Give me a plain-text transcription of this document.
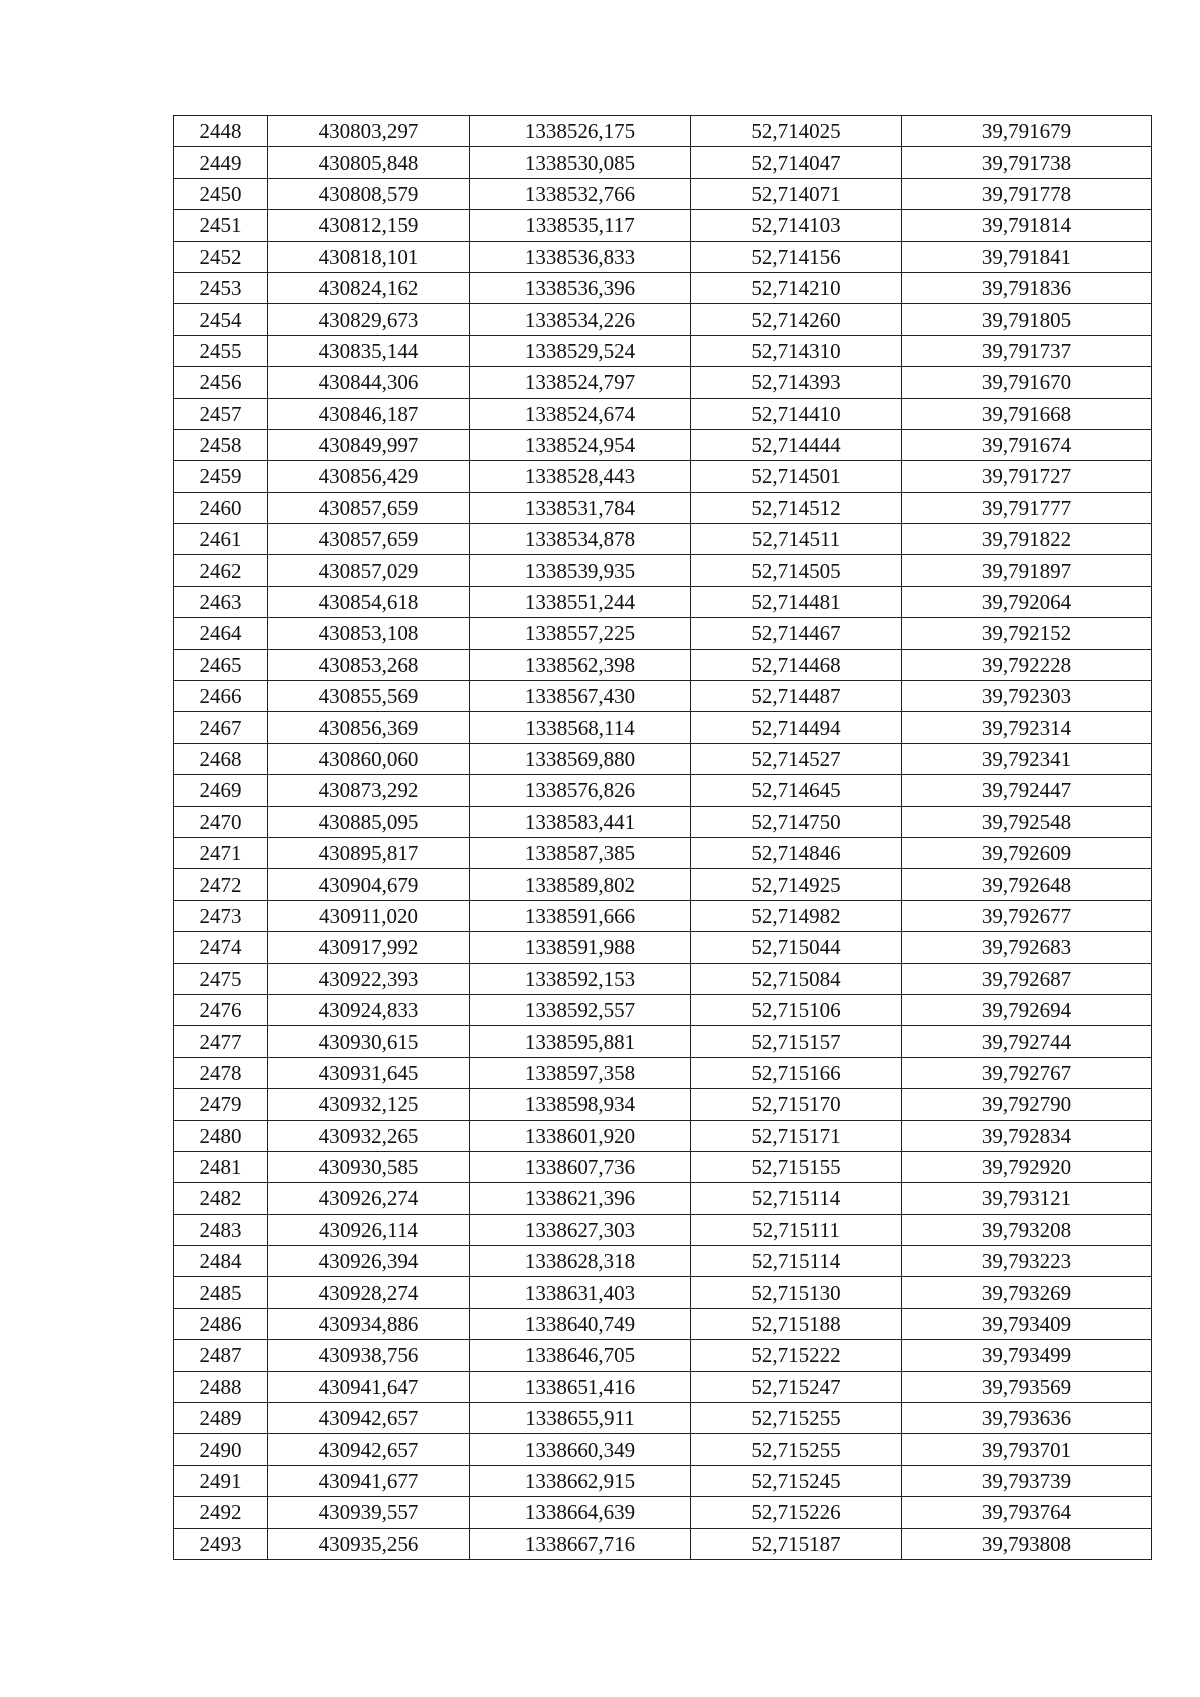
2448	430803,297	1338526,175	52,714025	39,791679
2449	430805,848	1338530,085	52,714047	39,791738
2450	430808,579	1338532,766	52,714071	39,791778
2451	430812,159	1338535,117	52,714103	39,791814
2452	430818,101	1338536,833	52,714156	39,791841
2453	430824,162	1338536,396	52,714210	39,791836
2454	430829,673	1338534,226	52,714260	39,791805
2455	430835,144	1338529,524	52,714310	39,791737
2456	430844,306	1338524,797	52,714393	39,791670
2457	430846,187	1338524,674	52,714410	39,791668
2458	430849,997	1338524,954	52,714444	39,791674
2459	430856,429	1338528,443	52,714501	39,791727
2460	430857,659	1338531,784	52,714512	39,791777
2461	430857,659	1338534,878	52,714511	39,791822
2462	430857,029	1338539,935	52,714505	39,791897
2463	430854,618	1338551,244	52,714481	39,792064
2464	430853,108	1338557,225	52,714467	39,792152
2465	430853,268	1338562,398	52,714468	39,792228
2466	430855,569	1338567,430	52,714487	39,792303
2467	430856,369	1338568,114	52,714494	39,792314
2468	430860,060	1338569,880	52,714527	39,792341
2469	430873,292	1338576,826	52,714645	39,792447
2470	430885,095	1338583,441	52,714750	39,792548
2471	430895,817	1338587,385	52,714846	39,792609
2472	430904,679	1338589,802	52,714925	39,792648
2473	430911,020	1338591,666	52,714982	39,792677
2474	430917,992	1338591,988	52,715044	39,792683
2475	430922,393	1338592,153	52,715084	39,792687
2476	430924,833	1338592,557	52,715106	39,792694
2477	430930,615	1338595,881	52,715157	39,792744
2478	430931,645	1338597,358	52,715166	39,792767
2479	430932,125	1338598,934	52,715170	39,792790
2480	430932,265	1338601,920	52,715171	39,792834
2481	430930,585	1338607,736	52,715155	39,792920
2482	430926,274	1338621,396	52,715114	39,793121
2483	430926,114	1338627,303	52,715111	39,793208
2484	430926,394	1338628,318	52,715114	39,793223
2485	430928,274	1338631,403	52,715130	39,793269
2486	430934,886	1338640,749	52,715188	39,793409
2487	430938,756	1338646,705	52,715222	39,793499
2488	430941,647	1338651,416	52,715247	39,793569
2489	430942,657	1338655,911	52,715255	39,793636
2490	430942,657	1338660,349	52,715255	39,793701
2491	430941,677	1338662,915	52,715245	39,793739
2492	430939,557	1338664,639	52,715226	39,793764
2493	430935,256	1338667,716	52,715187	39,793808
